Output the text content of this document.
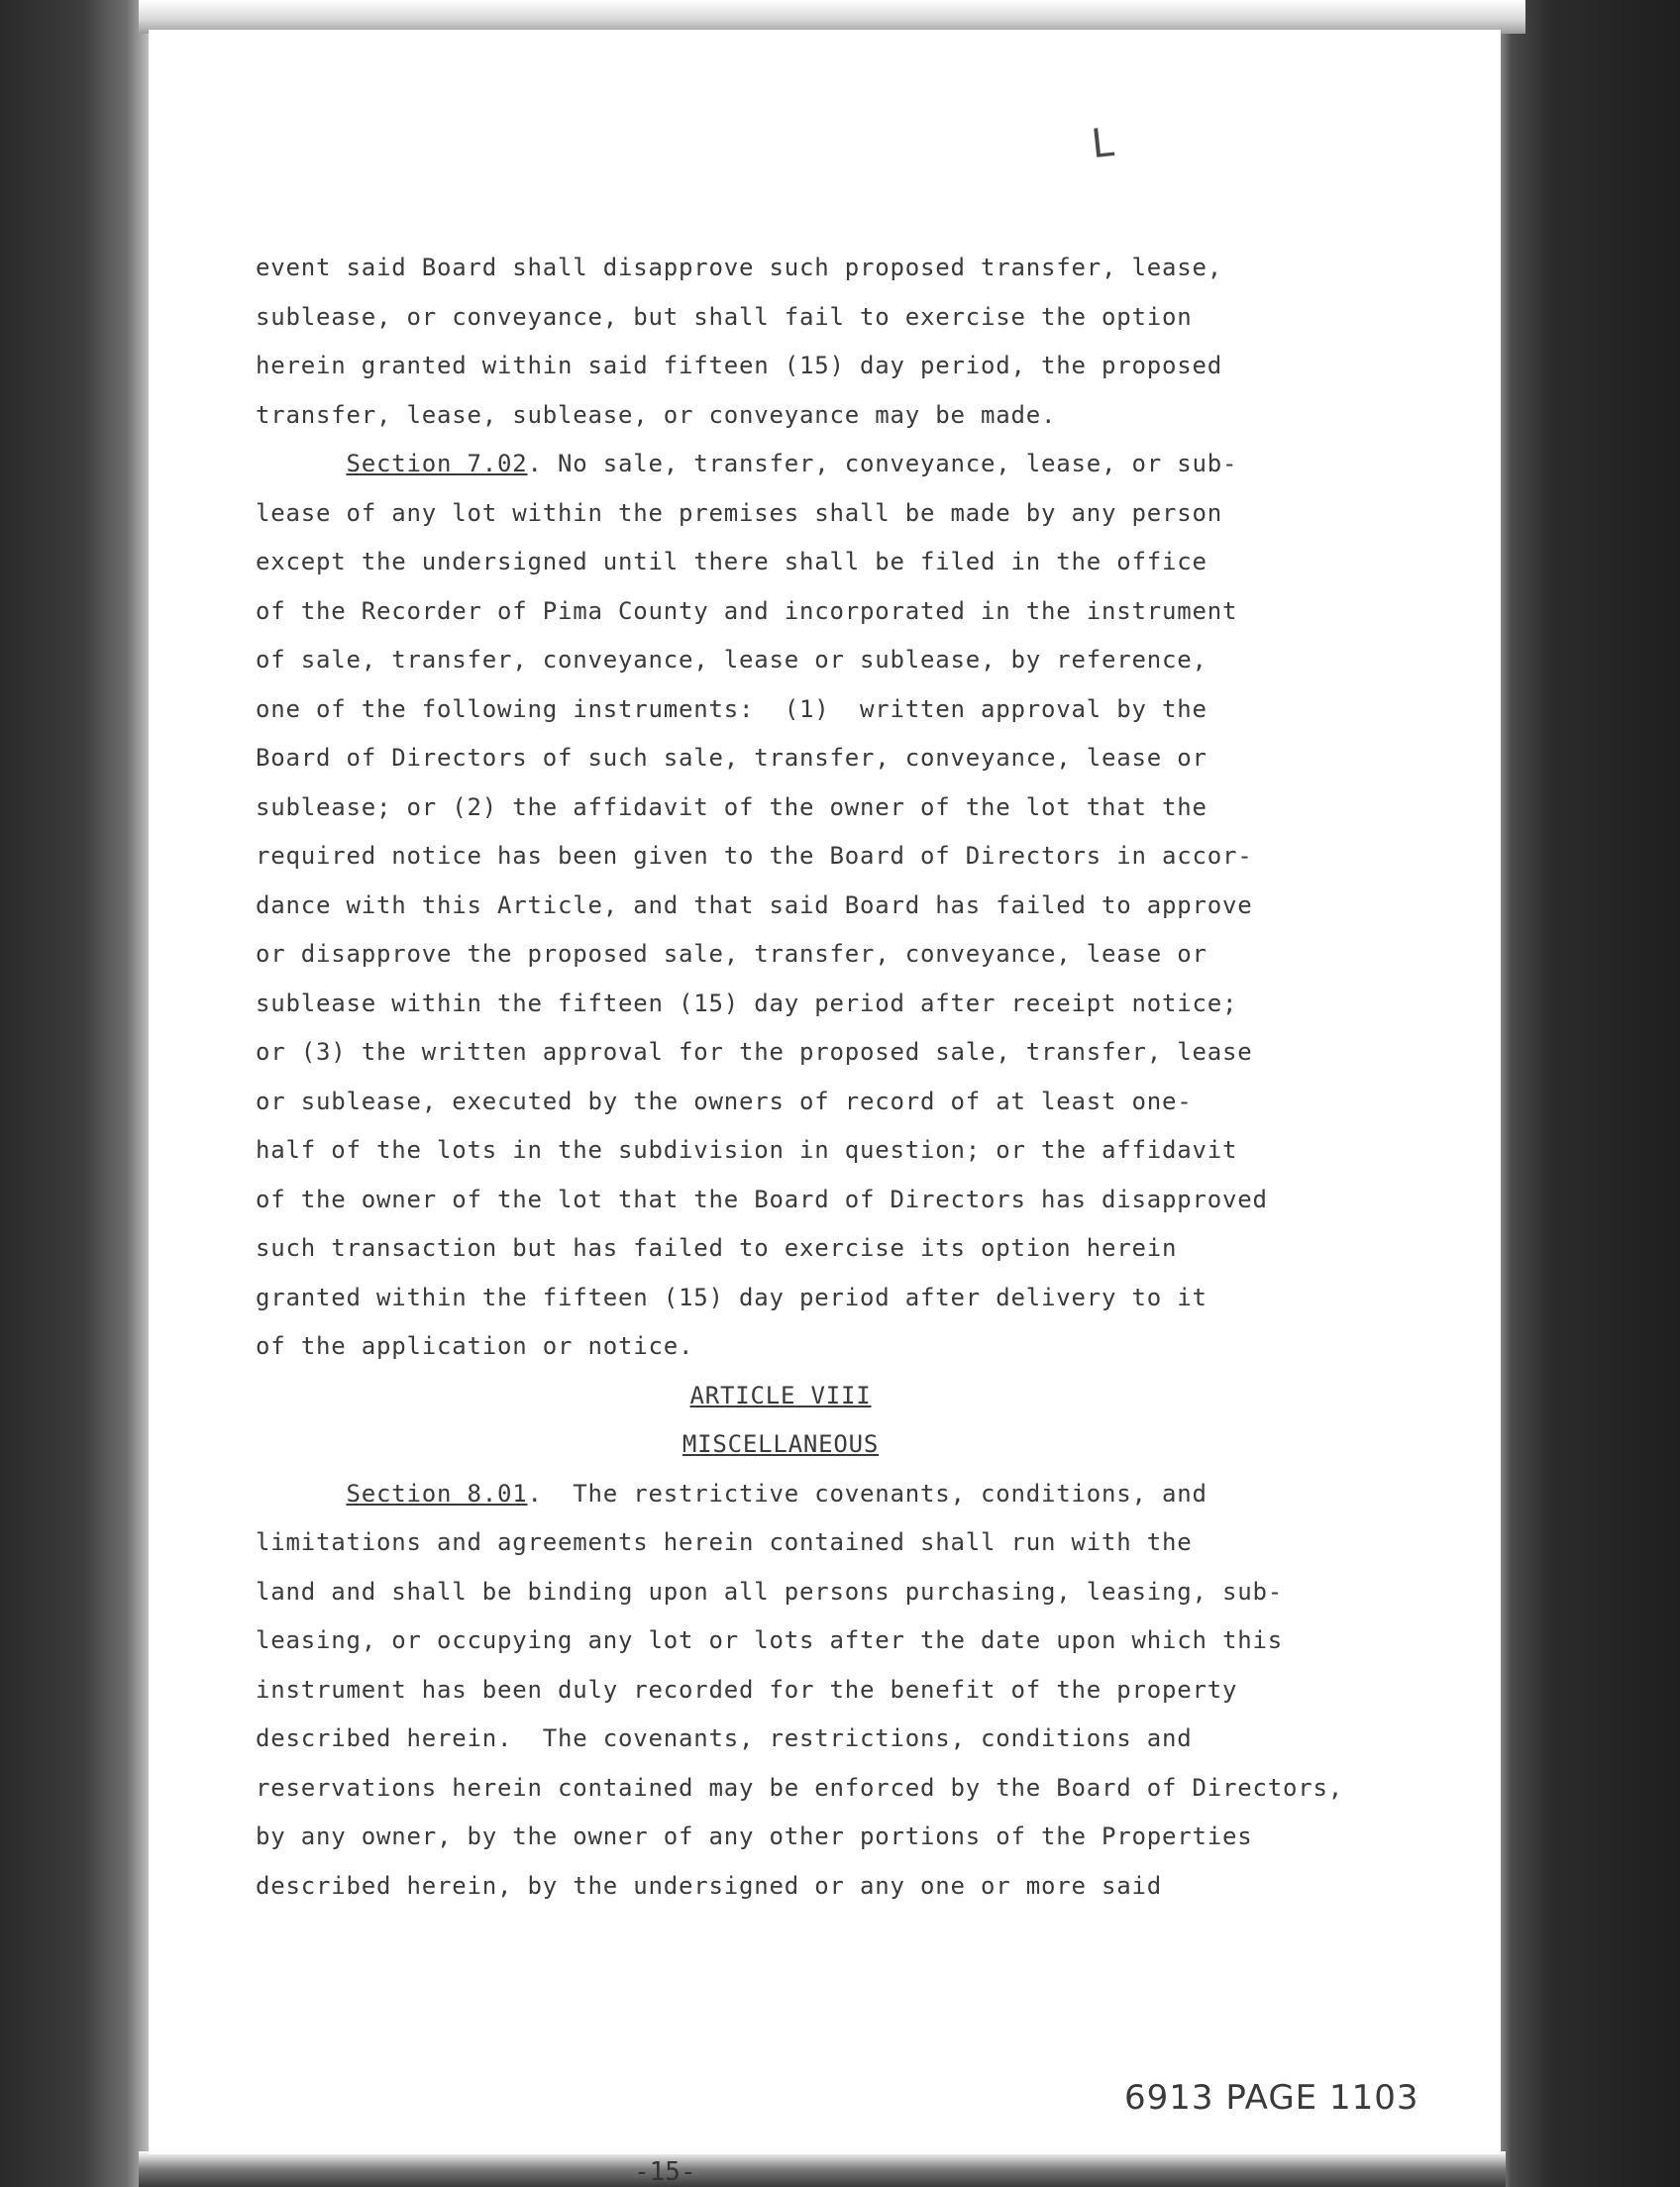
ᒪ
event said Board shall disapprove such proposed transfer, lease,
sublease, or conveyance, but shall fail to exercise the option
herein granted within said fifteen (15) day period, the proposed
transfer, lease, sublease, or conveyance may be made.
Section 7.02. No sale, transfer, conveyance, lease, or sub-
lease of any lot within the premises shall be made by any person
except the undersigned until there shall be filed in the office
of the Recorder of Pima County and incorporated in the instrument
of sale, transfer, conveyance, lease or sublease, by reference,
one of the following instruments:  (1)  written approval by the
Board of Directors of such sale, transfer, conveyance, lease or
sublease; or (2) the affidavit of the owner of the lot that the
required notice has been given to the Board of Directors in accor-
dance with this Article, and that said Board has failed to approve
or disapprove the proposed sale, transfer, conveyance, lease or
sublease within the fifteen (15) day period after receipt notice;
or (3) the written approval for the proposed sale, transfer, lease
or sublease, executed by the owners of record of at least one-
half of the lots in the subdivision in question; or the affidavit
of the owner of the lot that the Board of Directors has disapproved
such transaction but has failed to exercise its option herein
granted within the fifteen (15) day period after delivery to it
of the application or notice.
ARTICLE VIII
MISCELLANEOUS
Section 8.01.  The restrictive covenants, conditions, and
limitations and agreements herein contained shall run with the
land and shall be binding upon all persons purchasing, leasing, sub-
leasing, or occupying any lot or lots after the date upon which this
instrument has been duly recorded for the benefit of the property
described herein.  The covenants, restrictions, conditions and
reservations herein contained may be enforced by the Board of Directors,
by any owner, by the owner of any other portions of the Properties
described herein, by the undersigned or any one or more said
6913 PAGE 1103
-15-
